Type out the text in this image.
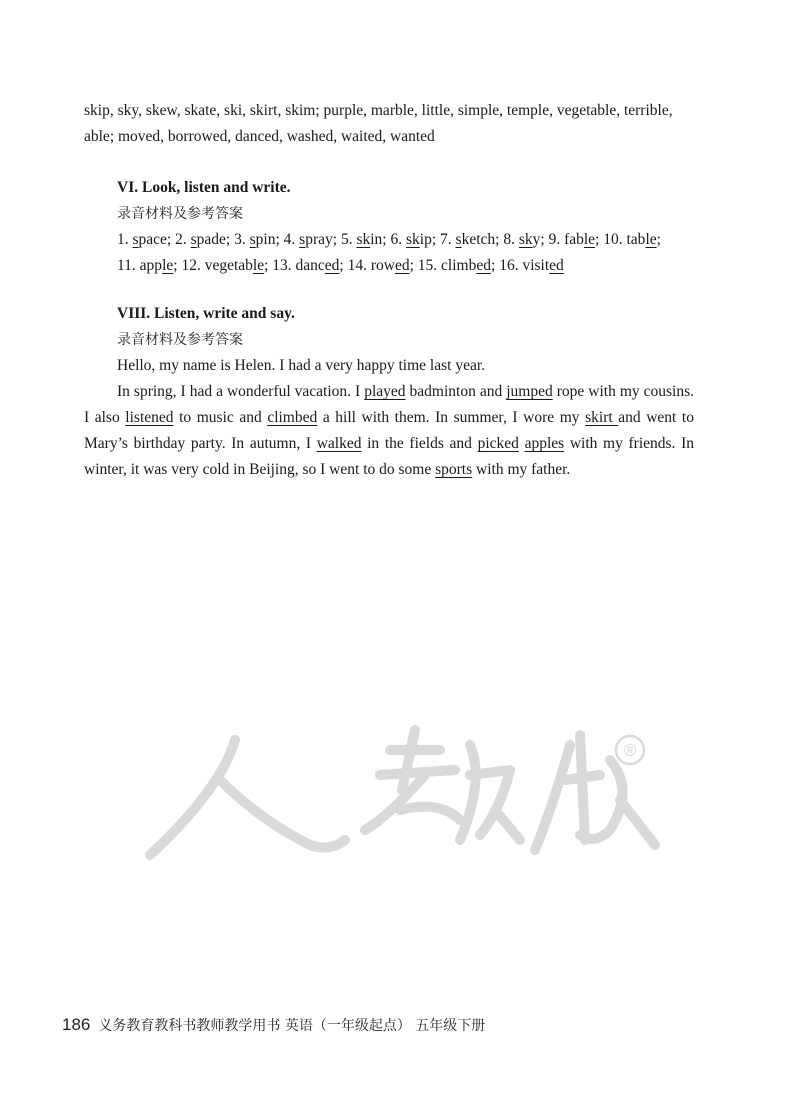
skip, sky, skew, skate, ski, skirt, skim; purple, marble, little, simple, temple, vegetable, terrible,
able; moved, borrowed, danced, washed, waited, wanted
VI. Look, listen and write.
录音材料及参考答案
1. space; 2. spade; 3. spin; 4. spray; 5. skin; 6. skip; 7. sketch; 8. sky; 9. fable; 10. table;
11. apple; 12. vegetable; 13. danced; 14. rowed; 15. climbed; 16. visited
VIII. Listen, write and say.
录音材料及参考答案
Hello, my name is Helen. I had a very happy time last year.
In spring, I had a wonderful vacation. I played badminton and jumped rope with my cousins. I also listened to music and climbed a hill with them. In summer, I wore my skirt and went to Mary’s birthday party. In autumn, I walked in the fields and picked apples with my friends. In winter, it was very cold in Beijing, so I went to do some sports with my father.
®
186 义务教育教科书教师教学用书 英语（一年级起点） 五年级下册
